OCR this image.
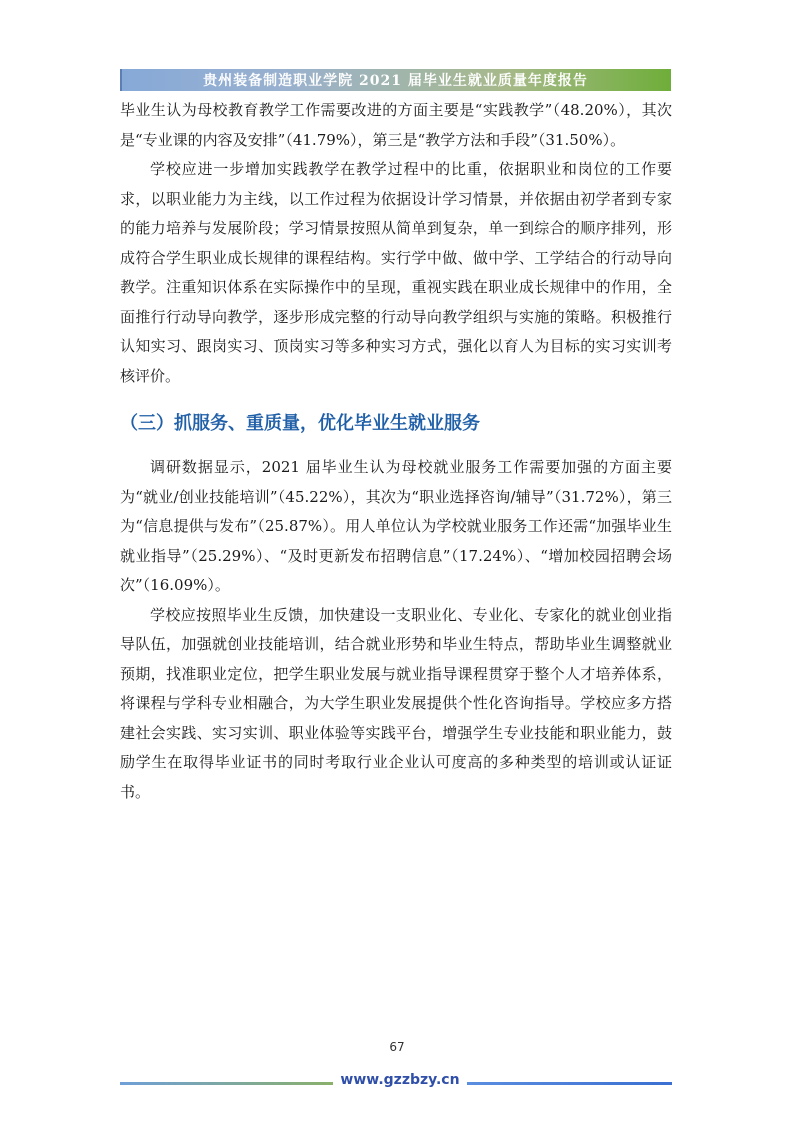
贵州装备制造职业学院 2021 届毕业生就业质量年度报告

毕业生认为母校教育教学工作需要改进的方面主要是“实践教学”（48.20%），其次是“专业课的内容及安排”（41.79%），第三是“教学方法和手段”（31.50%）。

学校应进一步增加实践教学在教学过程中的比重，依据职业和岗位的工作要求，以职业能力为主线，以工作过程为依据设计学习情景，并依据由初学者到专家的能力培养与发展阶段；学习情景按照从简单到复杂，单一到综合的顺序排列，形成符合学生职业成长规律的课程结构。实行学中做、做中学、工学结合的行动导向教学。注重知识体系在实际操作中的呈现，重视实践在职业成长规律中的作用，全面推行行动导向教学，逐步形成完整的行动导向教学组织与实施的策略。积极推行认知实习、跟岗实习、顶岗实习等多种实习方式，强化以育人为目标的实习实训考核评价。

（三）抓服务、重质量，优化毕业生就业服务

调研数据显示，2021 届毕业生认为母校就业服务工作需要加强的方面主要为“就业/创业技能培训”（45.22%），其次为“职业选择咨询/辅导”（31.72%），第三为“信息提供与发布”（25.87%）。用人单位认为学校就业服务工作还需“加强毕业生就业指导”（25.29%）、“及时更新发布招聘信息”（17.24%）、“增加校园招聘会场次”（16.09%）。

学校应按照毕业生反馈，加快建设一支职业化、专业化、专家化的就业创业指导队伍，加强就创业技能培训，结合就业形势和毕业生特点，帮助毕业生调整就业预期，找准职业定位，把学生职业发展与就业指导课程贯穿于整个人才培养体系，将课程与学科专业相融合，为大学生职业发展提供个性化咨询指导。学校应多方搭建社会实践、实习实训、职业体验等实践平台，增强学生专业技能和职业能力，鼓励学生在取得毕业证书的同时考取行业企业认可度高的多种类型的培训或认证证书。

67
www.gzzbzy.cn
